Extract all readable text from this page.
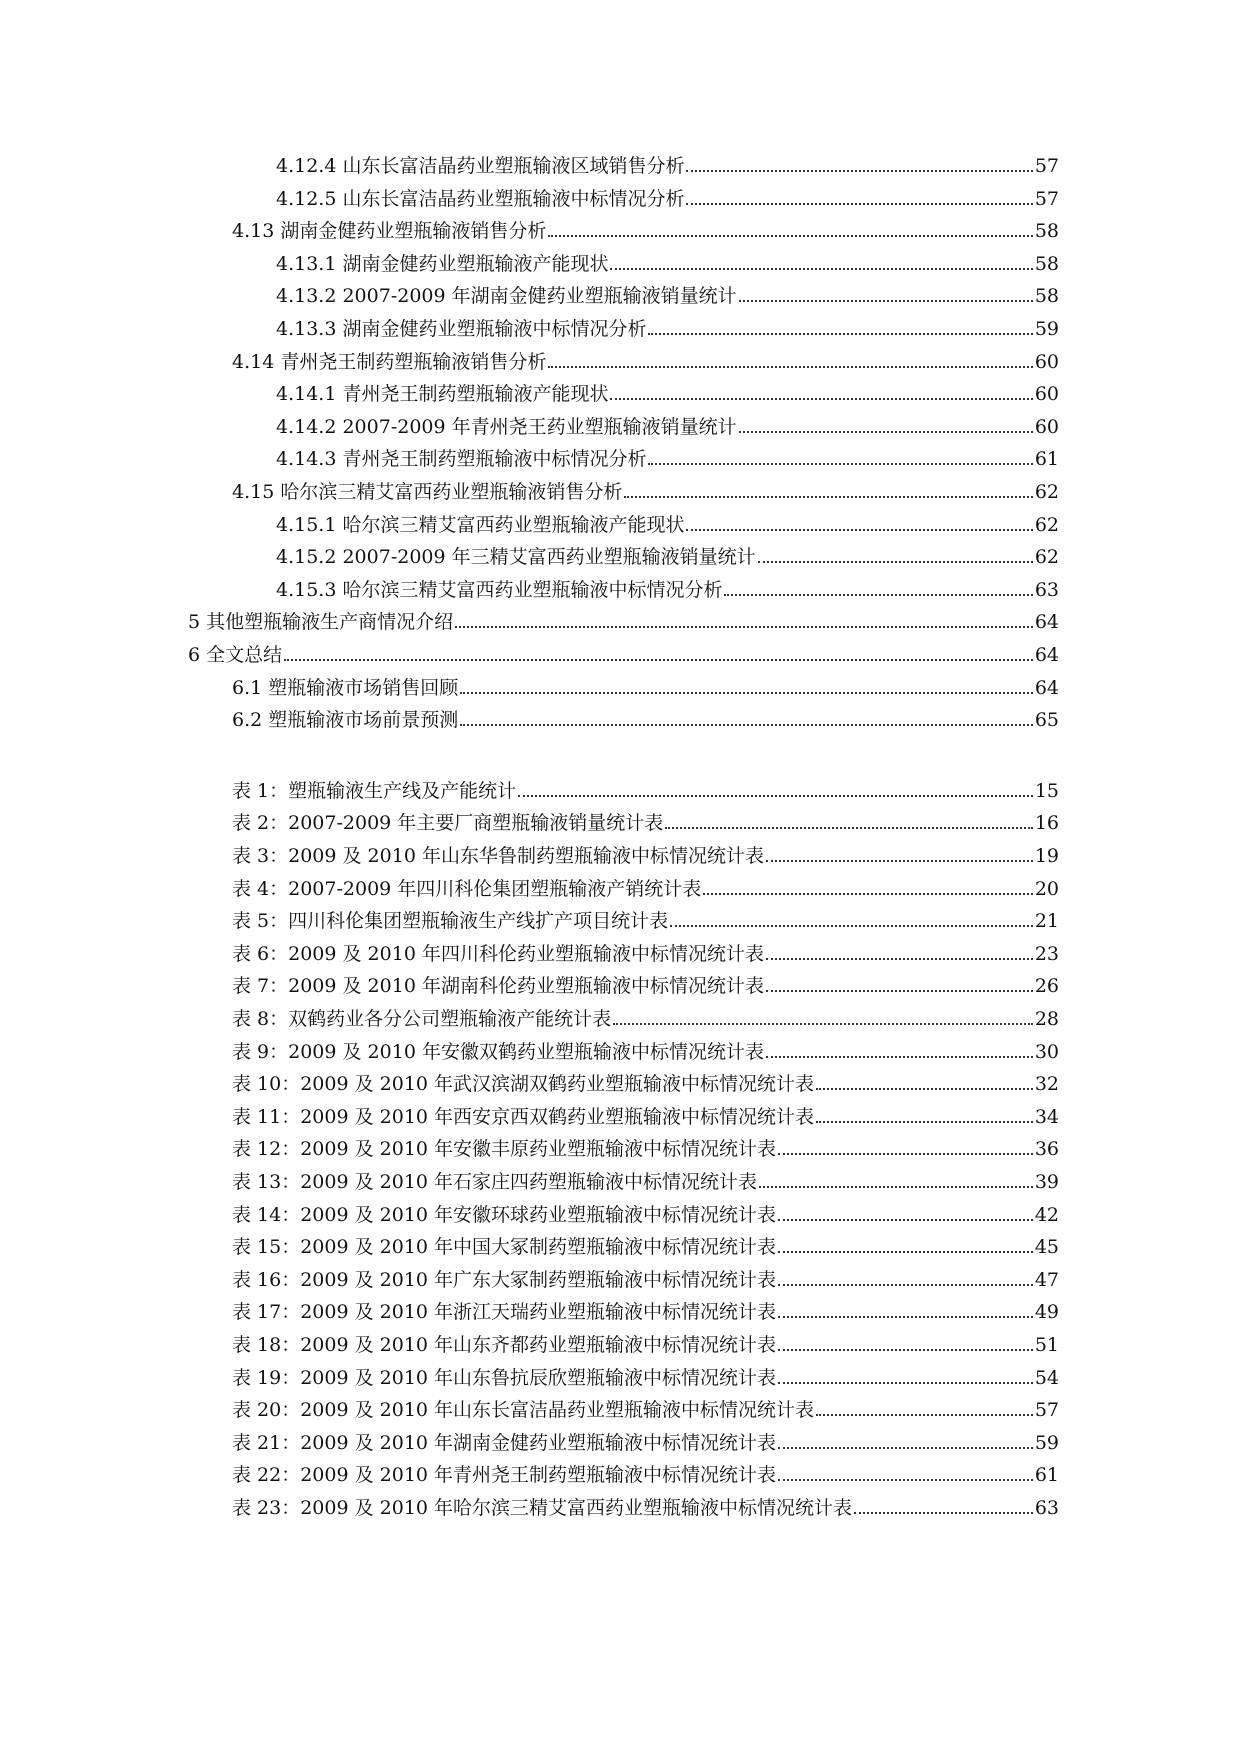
4.12.4 山东长富洁晶药业塑瓶输液区域销售分析	57
4.12.5 山东长富洁晶药业塑瓶输液中标情况分析	57
4.13 湖南金健药业塑瓶输液销售分析	58
4.13.1 湖南金健药业塑瓶输液产能现状	58
4.13.2 2007-2009 年湖南金健药业塑瓶输液销量统计	58
4.13.3 湖南金健药业塑瓶输液中标情况分析	59
4.14 青州尧王制药塑瓶输液销售分析	60
4.14.1 青州尧王制药塑瓶输液产能现状	60
4.14.2 2007-2009 年青州尧王药业塑瓶输液销量统计	60
4.14.3 青州尧王制药塑瓶输液中标情况分析	61
4.15 哈尔滨三精艾富西药业塑瓶输液销售分析	62
4.15.1 哈尔滨三精艾富西药业塑瓶输液产能现状	62
4.15.2 2007-2009 年三精艾富西药业塑瓶输液销量统计	62
4.15.3 哈尔滨三精艾富西药业塑瓶输液中标情况分析	63
5 其他塑瓶输液生产商情况介绍	64
6 全文总结	64
6.1 塑瓶输液市场销售回顾	64
6.2 塑瓶输液市场前景预测	65
表 1：塑瓶输液生产线及产能统计	15
表 2：2007-2009 年主要厂商塑瓶输液销量统计表	16
表 3：2009 及 2010 年山东华鲁制药塑瓶输液中标情况统计表	19
表 4：2007-2009 年四川科伦集团塑瓶输液产销统计表	20
表 5：四川科伦集团塑瓶输液生产线扩产项目统计表	21
表 6：2009 及 2010 年四川科伦药业塑瓶输液中标情况统计表	23
表 7：2009 及 2010 年湖南科伦药业塑瓶输液中标情况统计表	26
表 8：双鹤药业各分公司塑瓶输液产能统计表	28
表 9：2009 及 2010 年安徽双鹤药业塑瓶输液中标情况统计表	30
表 10：2009 及 2010 年武汉滨湖双鹤药业塑瓶输液中标情况统计表	32
表 11：2009 及 2010 年西安京西双鹤药业塑瓶输液中标情况统计表	34
表 12：2009 及 2010 年安徽丰原药业塑瓶输液中标情况统计表	36
表 13：2009 及 2010 年石家庄四药塑瓶输液中标情况统计表	39
表 14：2009 及 2010 年安徽环球药业塑瓶输液中标情况统计表	42
表 15：2009 及 2010 年中国大冢制药塑瓶输液中标情况统计表	45
表 16：2009 及 2010 年广东大冢制药塑瓶输液中标情况统计表	47
表 17：2009 及 2010 年浙江天瑞药业塑瓶输液中标情况统计表	49
表 18：2009 及 2010 年山东齐都药业塑瓶输液中标情况统计表	51
表 19：2009 及 2010 年山东鲁抗辰欣塑瓶输液中标情况统计表	54
表 20：2009 及 2010 年山东长富洁晶药业塑瓶输液中标情况统计表	57
表 21：2009 及 2010 年湖南金健药业塑瓶输液中标情况统计表	59
表 22：2009 及 2010 年青州尧王制药塑瓶输液中标情况统计表	61
表 23：2009 及 2010 年哈尔滨三精艾富西药业塑瓶输液中标情况统计表	63
